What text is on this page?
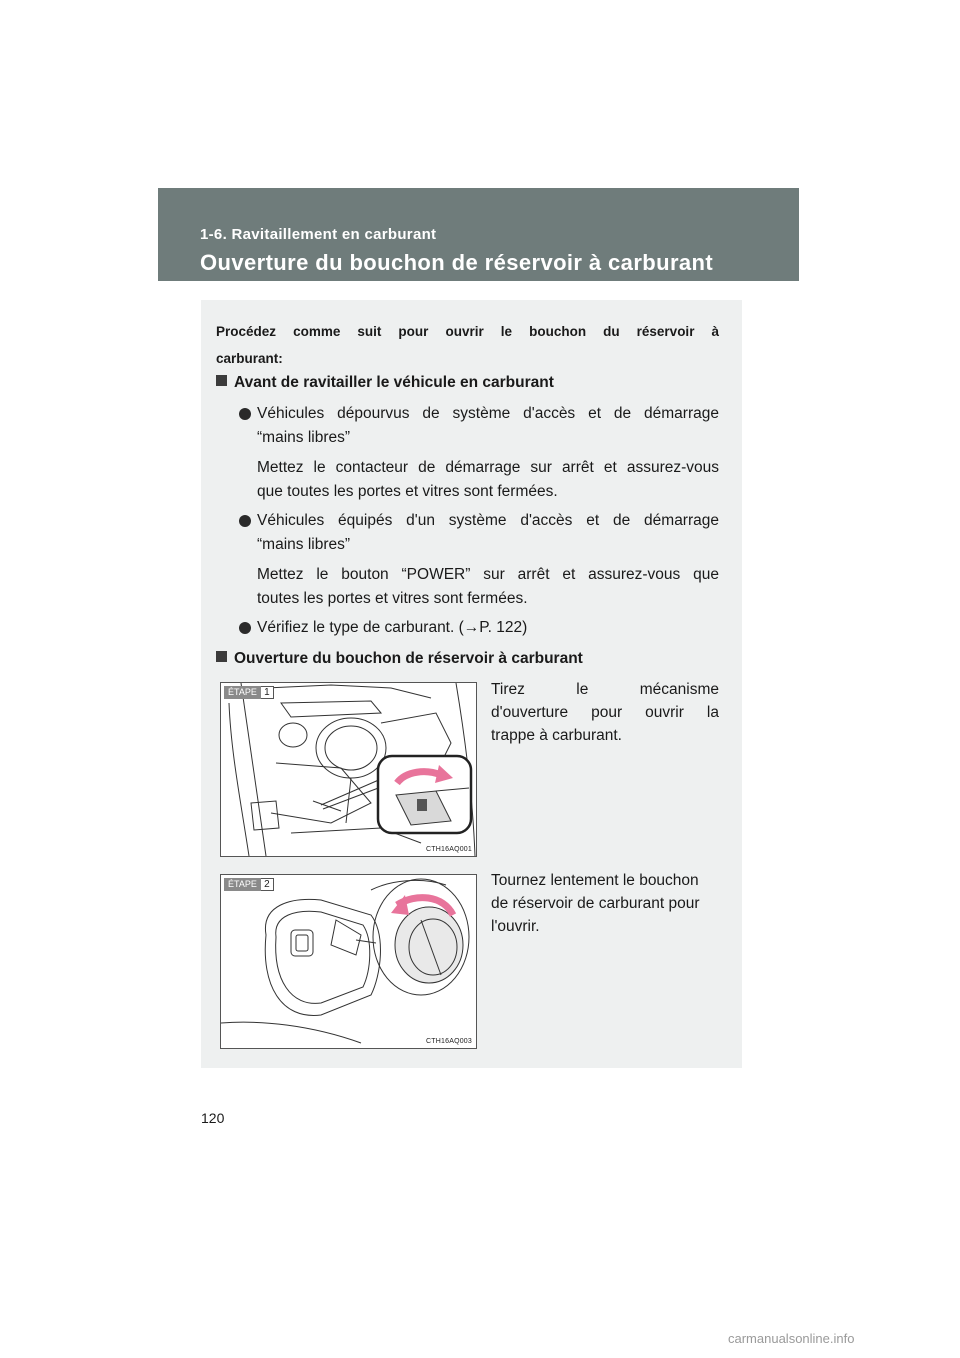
1-6. Ravitaillement en carburant
Ouverture du bouchon de réservoir à carburant
Procédez comme suit pour ouvrir le bouchon du réservoir à
carburant:
Avant de ravitailler le véhicule en carburant
Véhicules dépourvus de système d'accès et de démarrage
“mains libres”
Mettez le contacteur de démarrage sur arrêt et assurez-vous
que toutes les portes et vitres sont fermées.
Véhicules équipés d'un système d'accès et de démarrage
“mains libres”
Mettez le bouton “POWER” sur arrêt et assurez-vous que
toutes les portes et vitres sont fermées.
Vérifiez le type de carburant. (→P. 122)
Ouverture du bouchon de réservoir à carburant
ÉTAPE 1
CTH16AQ001
Tirez le mécanisme
d'ouverture pour ouvrir la
trappe à carburant.
ÉTAPE 2
CTH16AQ003
Tournez lentement le bouchon
de réservoir de carburant pour
l'ouvrir.
120
carmanualsonline.info
